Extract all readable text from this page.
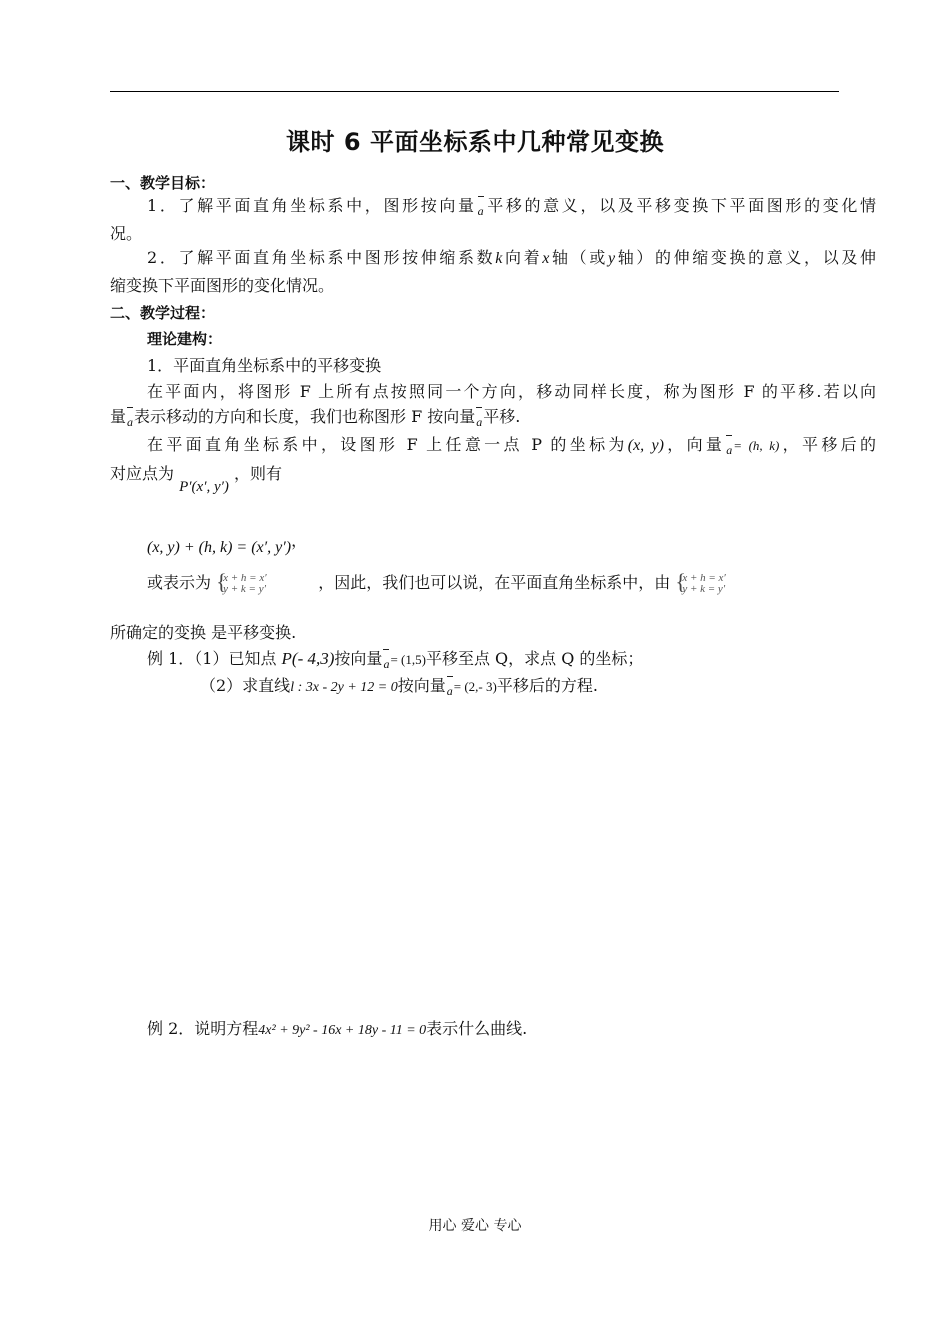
课时 6 平面坐标系中几种常见变换
一、教学目标：
1．了解平面直角坐标系中，图形按向量a平移的意义，以及平移变换下平面图形的变化情
况。
2．了解平面直角坐标系中图形按伸缩系数k向着x轴（或y轴）的伸缩变换的意义，以及伸
缩变换下平面图形的变化情况。
二、教学过程：
理论建构：
1．平面直角坐标系中的平移变换
在平面内，将图形 F 上所有点按照同一个方向，移动同样长度，称为图形 F 的平移.若以向
量a表示移动的方向和长度，我们也称图形 F 按向量a平移.
在平面直角坐标系中，设图形 F 上任意一点 P 的坐标为(x, y)，向量a= (h, k)，平移后的
对应点为 P′(x′, y′) ，则有
(x, y) + (h, k) = (x′, y′)，
或表示为 { x + h = x′
y + k = y′	，因此，我们也可以说，在平面直角坐标系中，由 { x + h = x′
y + k = y′
所确定的变换 是平移变换.
例 1．（1）已知点 P(- 4,3)按向量a= (1,5)平移至点 Q，求点 Q 的坐标；
（2）求直线l : 3x - 2y + 12 = 0按向量a= (2,- 3)平移后的方程.
例 2．说明方程4x² + 9y² - 16x + 18y - 11 = 0表示什么曲线.
用心 爱心 专心
